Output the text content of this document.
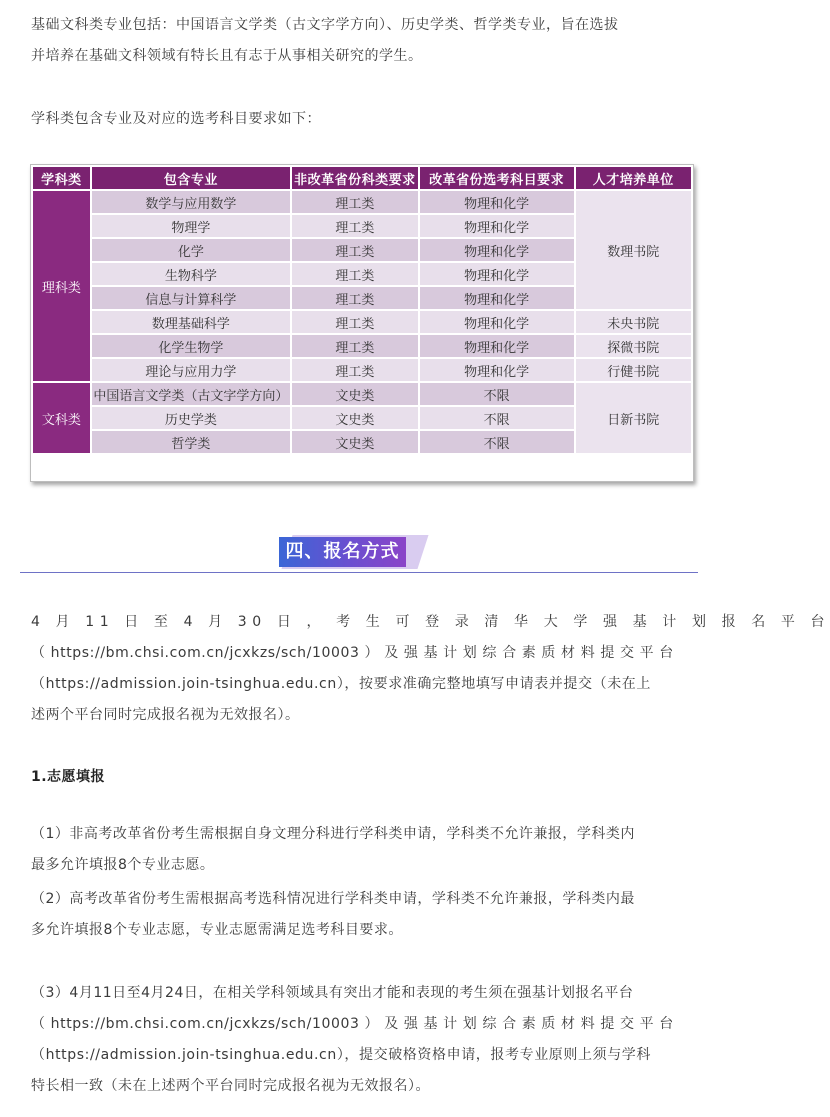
基础文科类专业包括：中国语言文学类（古文字学方向）、历史学类、哲学类专业，旨在选拔
并培养在基础文科领域有特长且有志于从事相关研究的学生。

学科类包含专业及对应的选考科目要求如下：

学科类	包含专业	非改革省份科类要求	改革省份选考科目要求	人才培养单位
理科类	数学与应用数学	理工类	物理和化学	数理书院
	物理学	理工类	物理和化学	
	化学	理工类	物理和化学	
	生物科学	理工类	物理和化学	
	信息与计算科学	理工类	物理和化学	
	数理基础科学	理工类	物理和化学	未央书院
	化学生物学	理工类	物理和化学	探微书院
	理论与应用力学	理工类	物理和化学	行健书院
文科类	中国语言文学类（古文字学方向）	文史类	不限	日新书院
	历史学类	文史类	不限	
	哲学类	文史类	不限	
四、报名方式

4 月 11 日 至 4 月 30 日 ， 考 生 可 登 录 清 华 大 学 强 基 计 划 报 名 平 台
（ https://bm.chsi.com.cn/jcxkzs/sch/10003 ） 及 强 基 计 划 综 合 素 质 材 料 提 交 平 台
（https://admission.join-tsinghua.edu.cn），按要求准确完整地填写申请表并提交（未在上
述两个平台同时完成报名视为无效报名）。

1.志愿填报

（1）非高考改革省份考生需根据自身文理分科进行学科类申请，学科类不允许兼报，学科类内
最多允许填报8个专业志愿。

（2）高考改革省份考生需根据高考选科情况进行学科类申请，学科类不允许兼报，学科类内最
多允许填报8个专业志愿，专业志愿需满足选考科目要求。

（3）4月11日至4月24日，在相关学科领域具有突出才能和表现的考生须在强基计划报名平台
（ https://bm.chsi.com.cn/jcxkzs/sch/10003 ） 及 强 基 计 划 综 合 素 质 材 料 提 交 平 台
（https://admission.join-tsinghua.edu.cn），提交破格资格申请，报考专业原则上须与学科
特长相一致（未在上述两个平台同时完成报名视为无效报名）。
